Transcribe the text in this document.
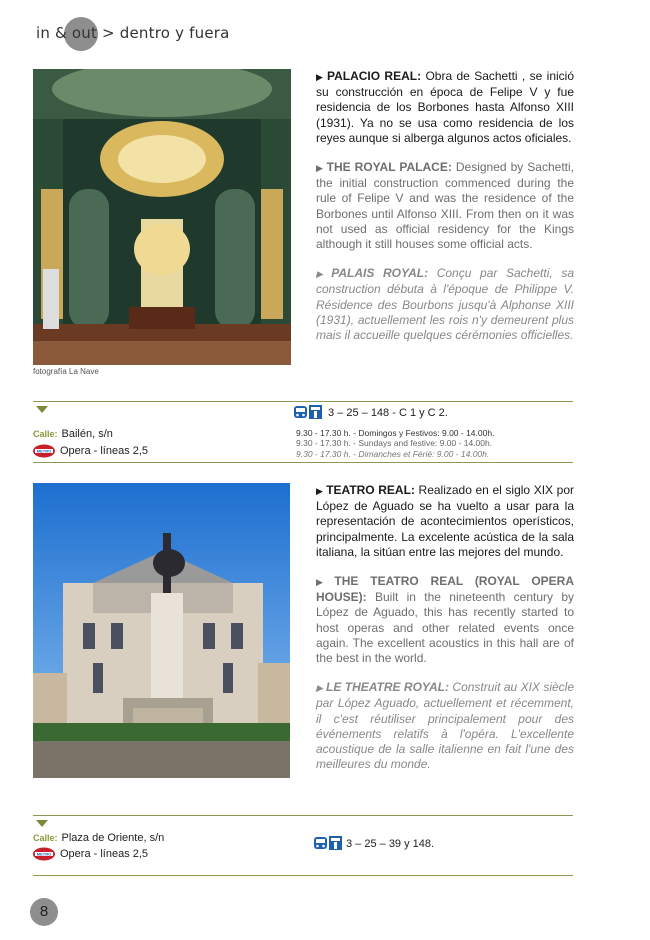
in & out > dentro y fuera
fotografía La Nave

▶ PALACIO REAL: Obra de Sachetti , se inició su construcción en época de Felipe V y fue residencia de los Borbones hasta Alfonso XIII (1931). Ya no se usa como residencia de los reyes aunque si alberga algunos actos oficiales.

▶ THE ROYAL PALACE: Designed by Sachetti, the initial construction commenced during the rule of Felipe V and was the residence of the Borbones until Alfonso XIII. From then on it was not used as official residency for the Kings although it still houses some official acts.

▶ PALAIS ROYAL: Conçu par Sachetti, sa construction débuta à l'époque de Philippe V. Résidence des Bourbons jusqu'à Alphonse XIII (1931), actuellement les rois n'y demeurent plus mais il accueille quelques cérémonies officielles.

3 – 25 – 148 - C 1 y C 2.
Calle: Bailén, s/n
METRO Opera - líneas 2,5
9.30 - 17.30 h. - Domingos y Festivos: 9.00 - 14.00h.
9.30 - 17.30 h. - Sundays and festive: 9.00 - 14.00h.
9.30 - 17.30 h. - Dimanches et Férié: 9.00 - 14.00h.

▶ TEATRO REAL: Realizado en el siglo XIX por López de Aguado se ha vuelto a usar para la representación de acontecimientos operísticos, principalmente. La excelente acústica de la sala italiana, la sitúan entre las mejores del mundo.

▶ THE TEATRO REAL (ROYAL OPERA HOUSE): Built in the nineteenth century by López de Aguado, this has recently started to host operas and other related events once again. The excellent acoustics in this hall are of the best in the world.

▶ LE THEATRE ROYAL: Construit au XIX siècle par López Aguado, actuellement et récemment, il c'est réutiliser principalement pour des événements relatifs à l'opéra. L'excellente acoustique de la salle italienne en fait l'une des meilleures du monde.

Calle: Plaza de Oriente, s/n
METRO Opera - líneas 2,5
3 – 25 – 39 y 148.
8
